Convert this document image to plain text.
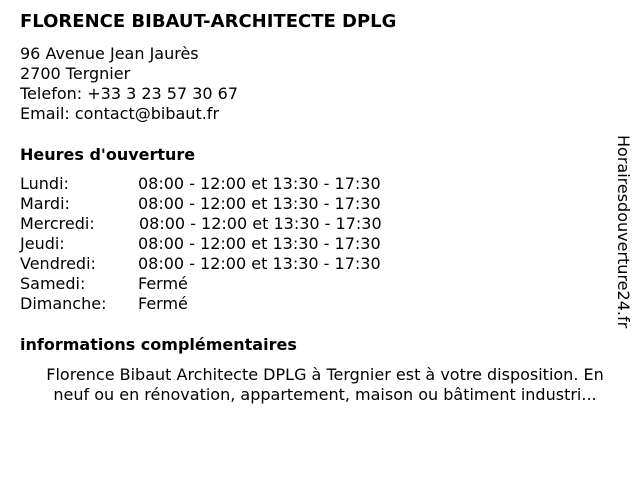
FLORENCE BIBAUT-ARCHITECTE DPLG
96 Avenue Jean Jaurès
2700 Tergnier
Telefon: +33 3 23 57 30 67
Email: contact@bibaut.fr
Heures d'ouverture
Lundi:	08:00 - 12:00 et 13:30 - 17:30
Mardi:	08:00 - 12:00 et 13:30 - 17:30
Mercredi:	08:00 - 12:00 et 13:30 - 17:30
Jeudi:	08:00 - 12:00 et 13:30 - 17:30
Vendredi:	08:00 - 12:00 et 13:30 - 17:30
Samedi:	Fermé
Dimanche: Fermé
informations complémentaires
Florence Bibaut Architecte DPLG à Tergnier est à votre disposition. En
neuf ou en rénovation, appartement, maison ou bâtiment industri...
Horairesdouverture24.fr
